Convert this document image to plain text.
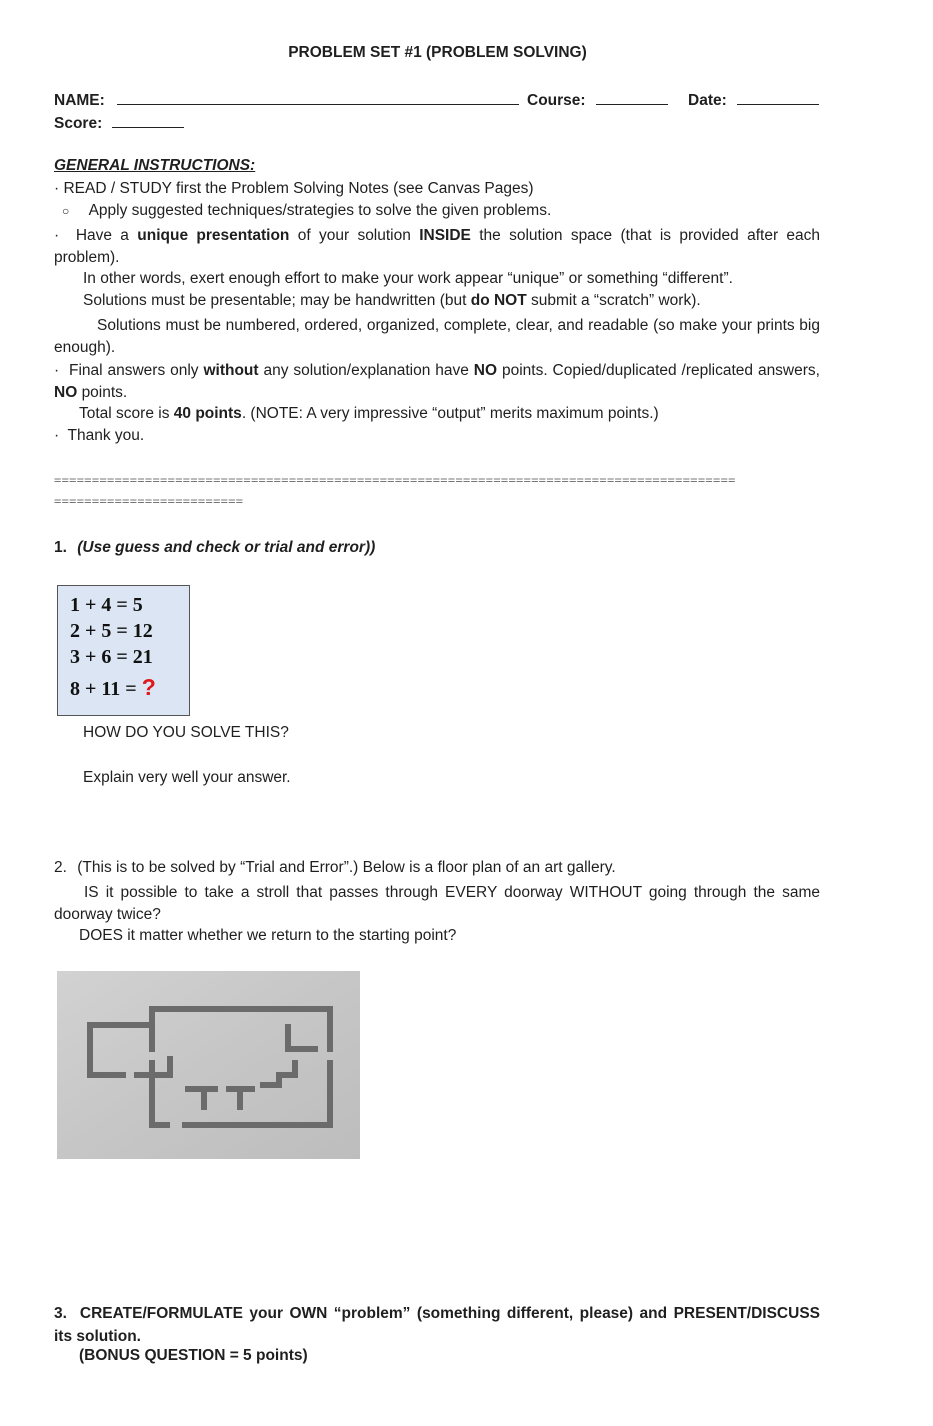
PROBLEM SET #1 (PROBLEM SOLVING)
NAME:	Course:	Date:
Score:
GENERAL INSTRUCTIONS:
· READ / STUDY first the Problem Solving Notes (see Canvas Pages)
○ Apply suggested techniques/strategies to solve the given problems.
· Have a unique presentation of your solution INSIDE the solution space (that is provided after each problem).
In other words, exert enough effort to make your work appear “unique” or something “different”.
Solutions must be presentable; may be handwritten (but do NOT submit a “scratch” work).
Solutions must be numbered, ordered, organized, complete, clear, and readable (so make your prints big enough).
· Final answers only without any solution/explanation have NO points. Copied/duplicated /replicated answers, NO points.
Total score is 40 points. (NOTE: A very impressive “output” merits maximum points.)
· Thank you.
==========================================================================================
=========================
1. (Use guess and check or trial and error))
1 + 4 = 5
2 + 5 = 12
3 + 6 = 21
8 + 11 = ?
HOW DO YOU SOLVE THIS?
Explain very well your answer.
2. (This is to be solved by “Trial and Error”.) Below is a floor plan of an art gallery.
IS it possible to take a stroll that passes through EVERY doorway WITHOUT going through the same doorway twice?
DOES it matter whether we return to the starting point?
3. CREATE/FORMULATE your OWN “problem” (something different, please) and PRESENT/DISCUSS its solution.
(BONUS QUESTION = 5 points)
